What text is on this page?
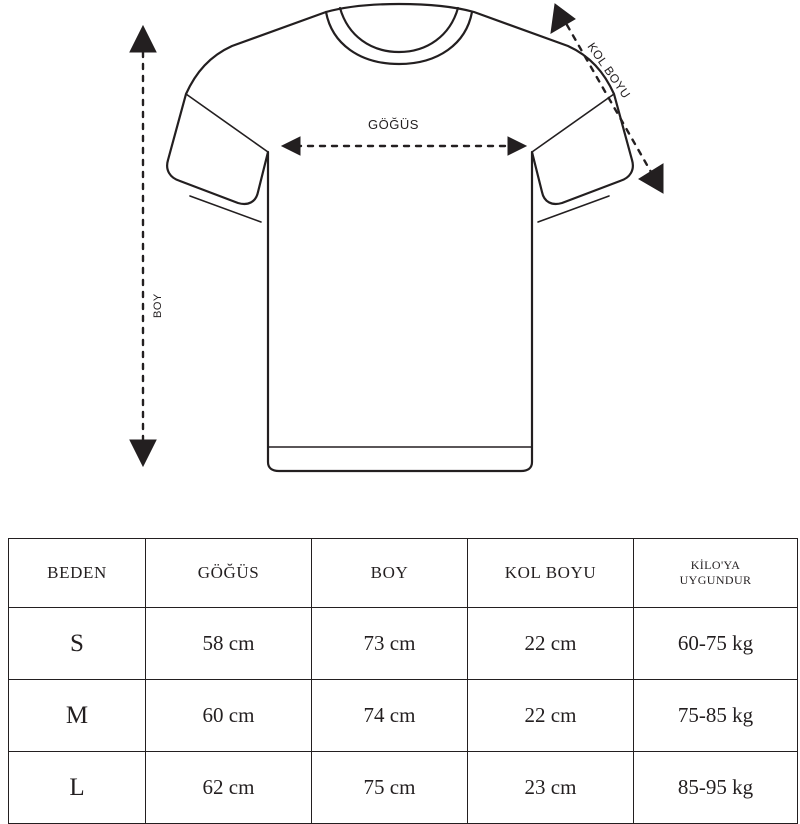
GÖĞÜS
BOY
KOL BOYU
BEDEN	GÖĞÜS	BOY	KOL BOYU	KİLO'YA
UYGUNDUR

S	58 cm	73 cm	22 cm	60-75 kg
M	60 cm	74 cm	22 cm	75-85 kg
L	62 cm	75 cm	23 cm	85-95 kg
